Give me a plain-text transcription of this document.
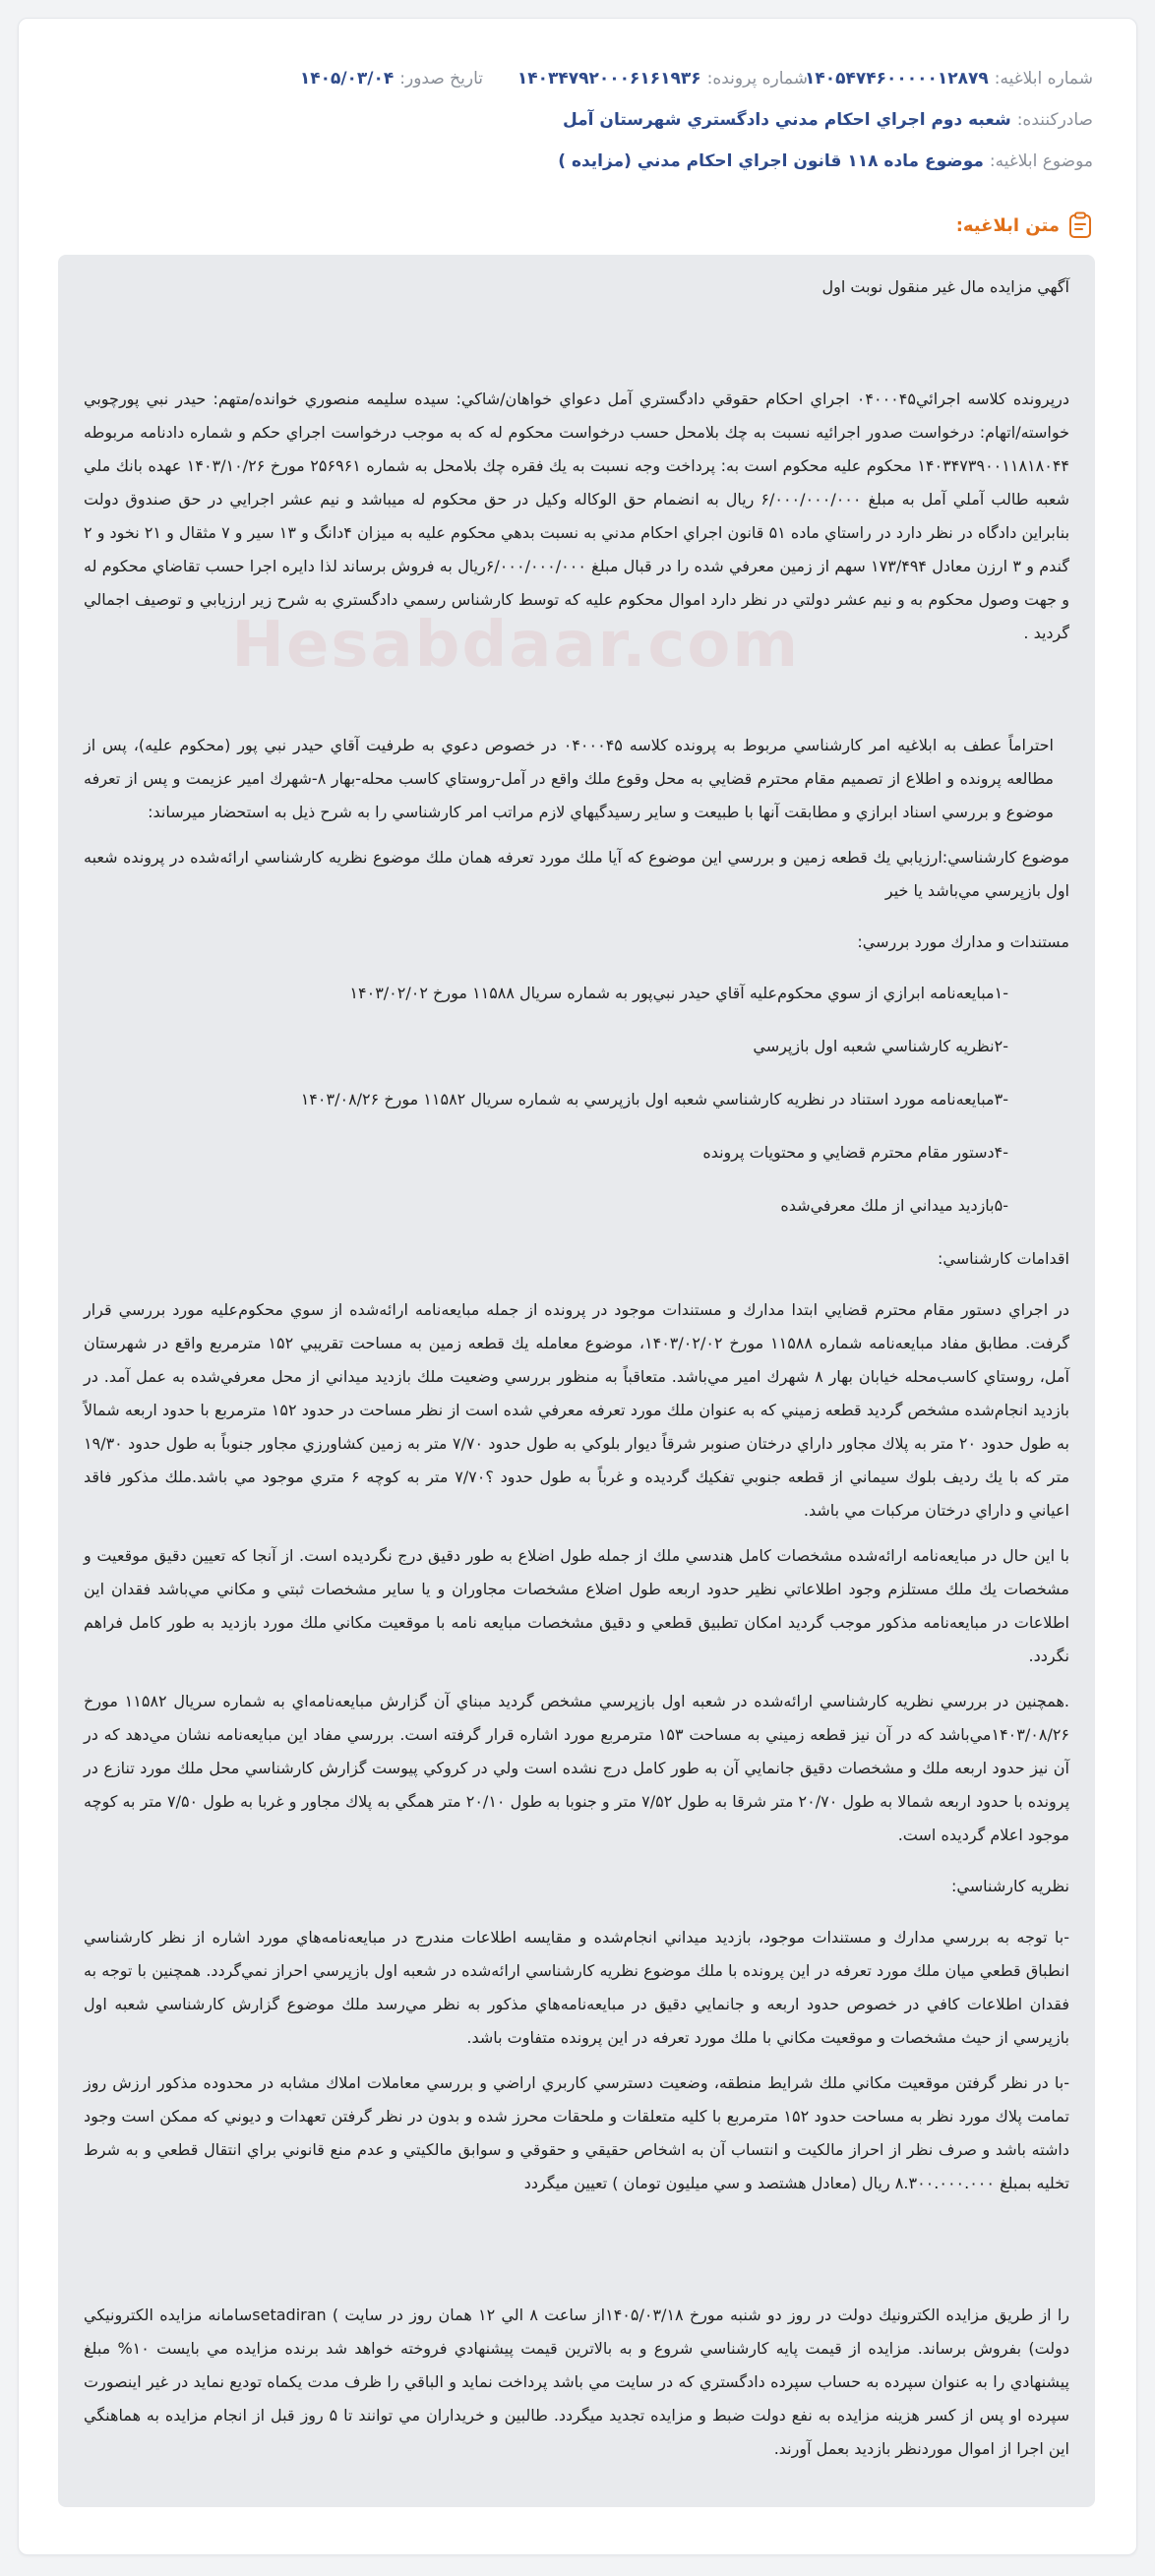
شماره ابلاغيه:
۱۴۰۵۴۷۴۶۰۰۰۰۰۱۲۸۷۹
شماره پرونده:
۱۴۰۳۴۷۹۲۰۰۰۶۱۶۱۹۳۶
تاريخ صدور:
۱۴۰۵/۰۳/۰۴
صادرکننده:
شعبه دوم اجراي احكام مدني دادگستري شهرستان آمل
موضوع ابلاغيه:
موضوع ماده ۱۱۸ قانون اجراي احكام مدني (مزايده )
متن ابلاغيه:
Hesabdaar.com

آگهي مزايده مال غير منقول نوبت اول

درپرونده كلاسه اجرائي۰۴۰۰۰۴۵ اجراي احكام حقوقي دادگستري آمل دعواي خواهان/شاكي: سيده سليمه منصوري خوانده/متهم: حيدر نبي پورچوبي خواسته/اتهام: درخواست صدور اجرائيه نسبت به چك بلامحل حسب درخواست محكوم له كه به موجب درخواست اجراي حكم و شماره دادنامه مربوطه ۱۴۰۳۴۷۳۹۰۰۱۱۸۱۸۰۴۴ محكوم عليه محكوم است به: پرداخت وجه نسبت به يك فقره چك بلامحل به شماره ۲۵۶۹۶۱ مورخ ۱۴۰۳/۱۰/۲۶ عهده بانك ملي شعبه طالب آملي آمل به مبلغ ۶/۰۰۰/۰۰۰/۰۰۰ ريال به انضمام حق الوكاله وكيل در حق محكوم له ميباشد و نيم عشر اجرايي در حق صندوق دولت بنابراين دادگاه در نظر دارد در راستاي ماده ۵۱ قانون اجراي احكام مدني به نسبت بدهي محكوم عليه به ميزان ۴دانگ و ۱۳ سير و ۷ مثقال و ۲۱ نخود و ۲ گندم و ۳ ارزن معادل ۱۷۳/۴۹۴ سهم از زمين معرفي شده را در قبال مبلغ ۶/۰۰۰/۰۰۰/۰۰۰ريال به فروش برساند لذا دايره اجرا حسب تقاضاي محكوم له و جهت وصول محكوم به و نيم عشر دولتي در نظر دارد اموال محكوم عليه كه توسط كارشناس رسمي دادگستري به شرح زير ارزيابي و توصيف اجمالي گرديد .

احتراماً عطف به ابلاغيه امر كارشناسي مربوط به پرونده كلاسه ۰۴۰۰۰۴۵ در خصوص دعوي به طرفيت آقاي حيدر نبي پور (محكوم عليه)، پس از مطالعه پرونده و اطلاع از تصميم مقام محترم قضايي به محل وقوع ملك واقع در آمل-روستاي كاسب محله-بهار ۸-شهرك امير عزيمت و پس از تعرفه موضوع و بررسي اسناد ابرازي و مطابقت آنها با طبيعت و ساير رسيدگيهاي لازم مراتب امر كارشناسي را به شرح ذيل به استحضار ميرساند:

موضوع كارشناسي:ارزيابي يك قطعه زمين و بررسي اين موضوع كه آيا ملك مورد تعرفه همان ملك موضوع نظريه كارشناسي ارائه‌شده در پرونده شعبه اول بازپرسي مي‌باشد يا خير

مستندات و مدارك مورد بررسي:

-۱مبايعه‌نامه ابرازي از سوي محكوم‌عليه آقاي حيدر نبي‌پور به شماره سريال ۱۱۵۸۸ مورخ ۱۴۰۳/۰۲/۰۲

-۲نظريه كارشناسي شعبه اول بازپرسي

-۳مبايعه‌نامه مورد استناد در نظريه كارشناسي شعبه اول بازپرسي به شماره سريال ۱۱۵۸۲ مورخ ۱۴۰۳/۰۸/۲۶

-۴دستور مقام محترم قضايي و محتويات پرونده

-۵بازديد ميداني از ملك معرفي‌شده

اقدامات كارشناسي:

در اجراي دستور مقام محترم قضايي ابتدا مدارك و مستندات موجود در پرونده از جمله مبايعه‌نامه ارائه‌شده از سوي محكوم‌عليه مورد بررسي قرار گرفت. مطابق مفاد مبايعه‌نامه شماره ۱۱۵۸۸ مورخ ۱۴۰۳/۰۲/۰۲، موضوع معامله يك قطعه زمين به مساحت تقريبي ۱۵۲ مترمربع واقع در شهرستان آمل، روستاي كاسب‌محله خيابان بهار ۸ شهرك امير مي‌باشد. متعاقباً به منظور بررسي وضعيت ملك بازديد ميداني از محل معرفي‌شده به عمل آمد. در بازديد انجام‌شده مشخص گرديد قطعه زميني كه به عنوان ملك مورد تعرفه معرفي شده است از نظر مساحت در حدود ۱۵۲ مترمربع با حدود اربعه شمالاً به طول حدود ۲۰ متر به پلاك مجاور داراي درختان صنوبر شرقاً ديوار بلوكي به طول حدود ۷/۷۰ متر به زمين كشاورزي مجاور جنوباً به طول حدود ۱۹/۳۰ متر كه با يك رديف بلوك سيماني از قطعه جنوبي تفكيك گرديده و غرباً به طول حدود ؟۷/۷۰ متر به كوچه ۶ متري موجود مي باشد.ملك مذكور فاقد اعياني و داراي درختان مركبات مي باشد.

با اين حال در مبايعه‌نامه ارائه‌شده مشخصات كامل هندسي ملك از جمله طول اضلاع به طور دقيق درج نگرديده است. از آنجا كه تعيين دقيق موقعيت و مشخصات يك ملك مستلزم وجود اطلاعاتي نظير حدود اربعه طول اضلاع مشخصات مجاوران و يا ساير مشخصات ثبتي و مكاني مي‌باشد فقدان اين اطلاعات در مبايعه‌نامه مذكور موجب گرديد امكان تطبيق قطعي و دقيق مشخصات مبايعه نامه با موقعيت مكاني ملك مورد بازديد به طور كامل فراهم نگردد.

.همچنين در بررسي نظريه كارشناسي ارائه‌شده در شعبه اول بازپرسي مشخص گرديد مبناي آن گزارش مبايعه‌نامه‌اي به شماره سريال ۱۱۵۸۲ مورخ ۱۴۰۳/۰۸/۲۶مي‌باشد كه در آن نيز قطعه زميني به مساحت ۱۵۳ مترمربع مورد اشاره قرار گرفته است. بررسي مفاد اين مبايعه‌نامه نشان مي‌دهد كه در آن نيز حدود اربعه ملك و مشخصات دقيق جانمايي آن به طور كامل درج نشده است ولي در كروكي پيوست گزارش كارشناسي محل ملك مورد تنازع در پرونده با حدود اربعه شمالا به طول ۲۰/۷۰ متر شرقا به طول ۷/۵۲ متر و جنوبا به طول ۲۰/۱۰ متر همگي به پلاك مجاور و غربا به طول ۷/۵۰ متر به كوچه موجود اعلام گرديده است.

نظريه كارشناسي:

-با توجه به بررسي مدارك و مستندات موجود، بازديد ميداني انجام‌شده و مقايسه اطلاعات مندرج در مبايعه‌نامه‌هاي مورد اشاره از نظر كارشناسي انطباق قطعي ميان ملك مورد تعرفه در اين پرونده با ملك موضوع نظريه كارشناسي ارائه‌شده در شعبه اول بازپرسي احراز نمي‌گردد. همچنين با توجه به فقدان اطلاعات كافي در خصوص حدود اربعه و جانمايي دقيق در مبايعه‌نامه‌هاي مذكور به نظر مي‌رسد ملك موضوع گزارش كارشناسي شعبه اول بازپرسي از حيث مشخصات و موقعيت مكاني با ملك مورد تعرفه در اين پرونده متفاوت باشد.

-با در نظر گرفتن موقعيت مكاني ملك شرايط منطقه، وضعيت دسترسي كاربري اراضي و بررسي معاملات املاك مشابه در محدوده مذكور ارزش روز تمامت پلاك مورد نظر به مساحت حدود ۱۵۲ مترمربع با كليه متعلقات و ملحقات محرز شده و بدون در نظر گرفتن تعهدات و ديوني كه ممكن است وجود داشته باشد و صرف نظر از احراز مالكيت و انتساب آن به اشخاص حقيقي و حقوقي و سوابق مالكيتي و عدم منع قانوني براي انتقال قطعي و به شرط تخليه بمبلغ ۸.۳۰۰.۰۰۰.۰۰۰ ريال (معادل هشتصد و سي ميليون تومان ) تعيين ميگردد

را از طريق مزايده الكترونيك دولت در روز دو شنبه مورخ ۱۴۰۵/۰۳/۱۸از ساعت ۸ الي ۱۲ همان روز در سايت ) setadiranسامانه مزايده الكترونيكي دولت) بفروش برساند. مزايده از قيمت پايه كارشناسي شروع و به بالاترين قيمت پيشنهادي فروخته خواهد شد برنده مزايده مي بايست ۱۰% مبلغ پيشنهادي را به عنوان سپرده به حساب سپرده دادگستري كه در سايت مي باشد پرداخت نمايد و الباقي را ظرف مدت يكماه توديع نمايد در غير اينصورت سپرده او پس از كسر هزينه مزايده به نفع دولت ضبط و مزايده تجديد ميگردد. طالبين و خريداران مي توانند تا ۵ روز قبل از انجام مزايده به هماهنگي اين اجرا از اموال موردنظر بازديد بعمل آورند.
